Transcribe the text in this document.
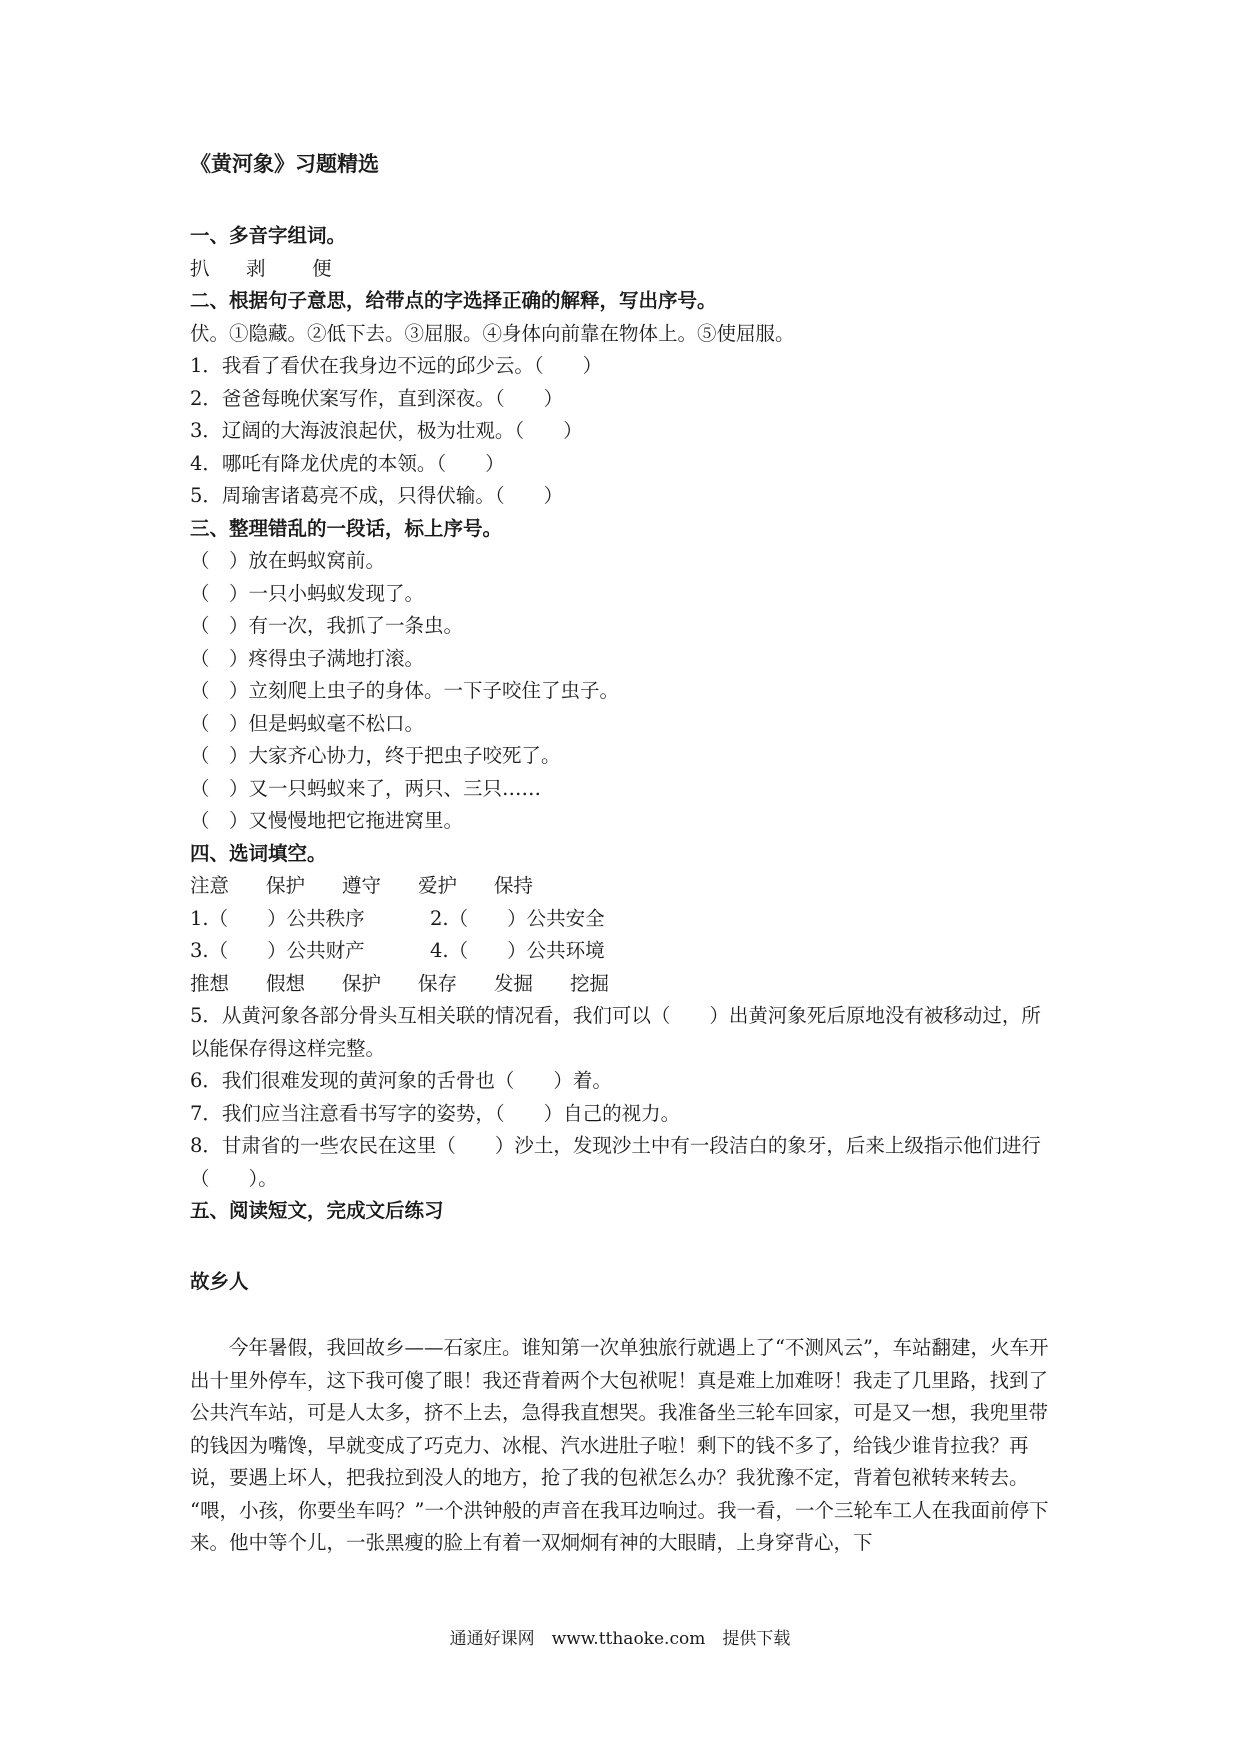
《黄河象》习题精选
一、多音字组词。
扒 剥 便
二、根据句子意思，给带点的字选择正确的解释，写出序号。
伏。①隐藏。②低下去。③屈服。④身体向前靠在物体上。⑤使屈服。
1．我看了看伏在我身边不远的邱少云。（　　）
2．爸爸每晚伏案写作，直到深夜。（　　）
3．辽阔的大海波浪起伏，极为壮观。（　　）
4．哪吒有降龙伏虎的本领。（　　）
5．周瑜害诸葛亮不成，只得伏输。（　　）
三、整理错乱的一段话，标上序号。
（　）放在蚂蚁窝前。
（　）一只小蚂蚁发现了。
（　）有一次，我抓了一条虫。
（　）疼得虫子满地打滚。
（　）立刻爬上虫子的身体。一下子咬住了虫子。
（　）但是蚂蚁毫不松口。
（　）大家齐心协力，终于把虫子咬死了。
（　）又一只蚂蚁来了，两只、三只……
（　）又慢慢地把它拖进窝里。
四、选词填空。
注意 保护 遵守 爱护 保持
1.（　　）公共秩序	2.（　　）公共安全
3.（　　）公共财产	4.（　　）公共环境
推想 假想 保护 保存 发掘 挖掘
5．从黄河象各部分骨头互相关联的情况看，我们可以（　　）出黄河象死后原地没有被移动过，所以能保存得这样完整。
6．我们很难发现的黄河象的舌骨也（　　）着。
7．我们应当注意看书写字的姿势，（　　）自己的视力。
8．甘肃省的一些农民在这里（　　）沙土，发现沙土中有一段洁白的象牙，后来上级指示他们进行（　　）。
五、阅读短文，完成文后练习
故乡人
今年暑假，我回故乡——石家庄。谁知第一次单独旅行就遇上了“不测风云”，车站翻建，火车开出十里外停车，这下我可傻了眼！我还背着两个大包袱呢！真是难上加难呀！我走了几里路，找到了公共汽车站，可是人太多，挤不上去，急得我直想哭。我准备坐三轮车回家，可是又一想，我兜里带的钱因为嘴馋，早就变成了巧克力、冰棍、汽水进肚子啦！剩下的钱不多了，给钱少谁肯拉我？再说，要遇上坏人，把我拉到没人的地方，抢了我的包袱怎么办？我犹豫不定，背着包袱转来转去。
“喂，小孩，你要坐车吗？”一个洪钟般的声音在我耳边响过。我一看，一个三轮车工人在我面前停下来。他中等个儿，一张黑瘦的脸上有着一双炯炯有神的大眼睛，上身穿背心，下
通通好课网　www.tthaoke.com　提供下载
